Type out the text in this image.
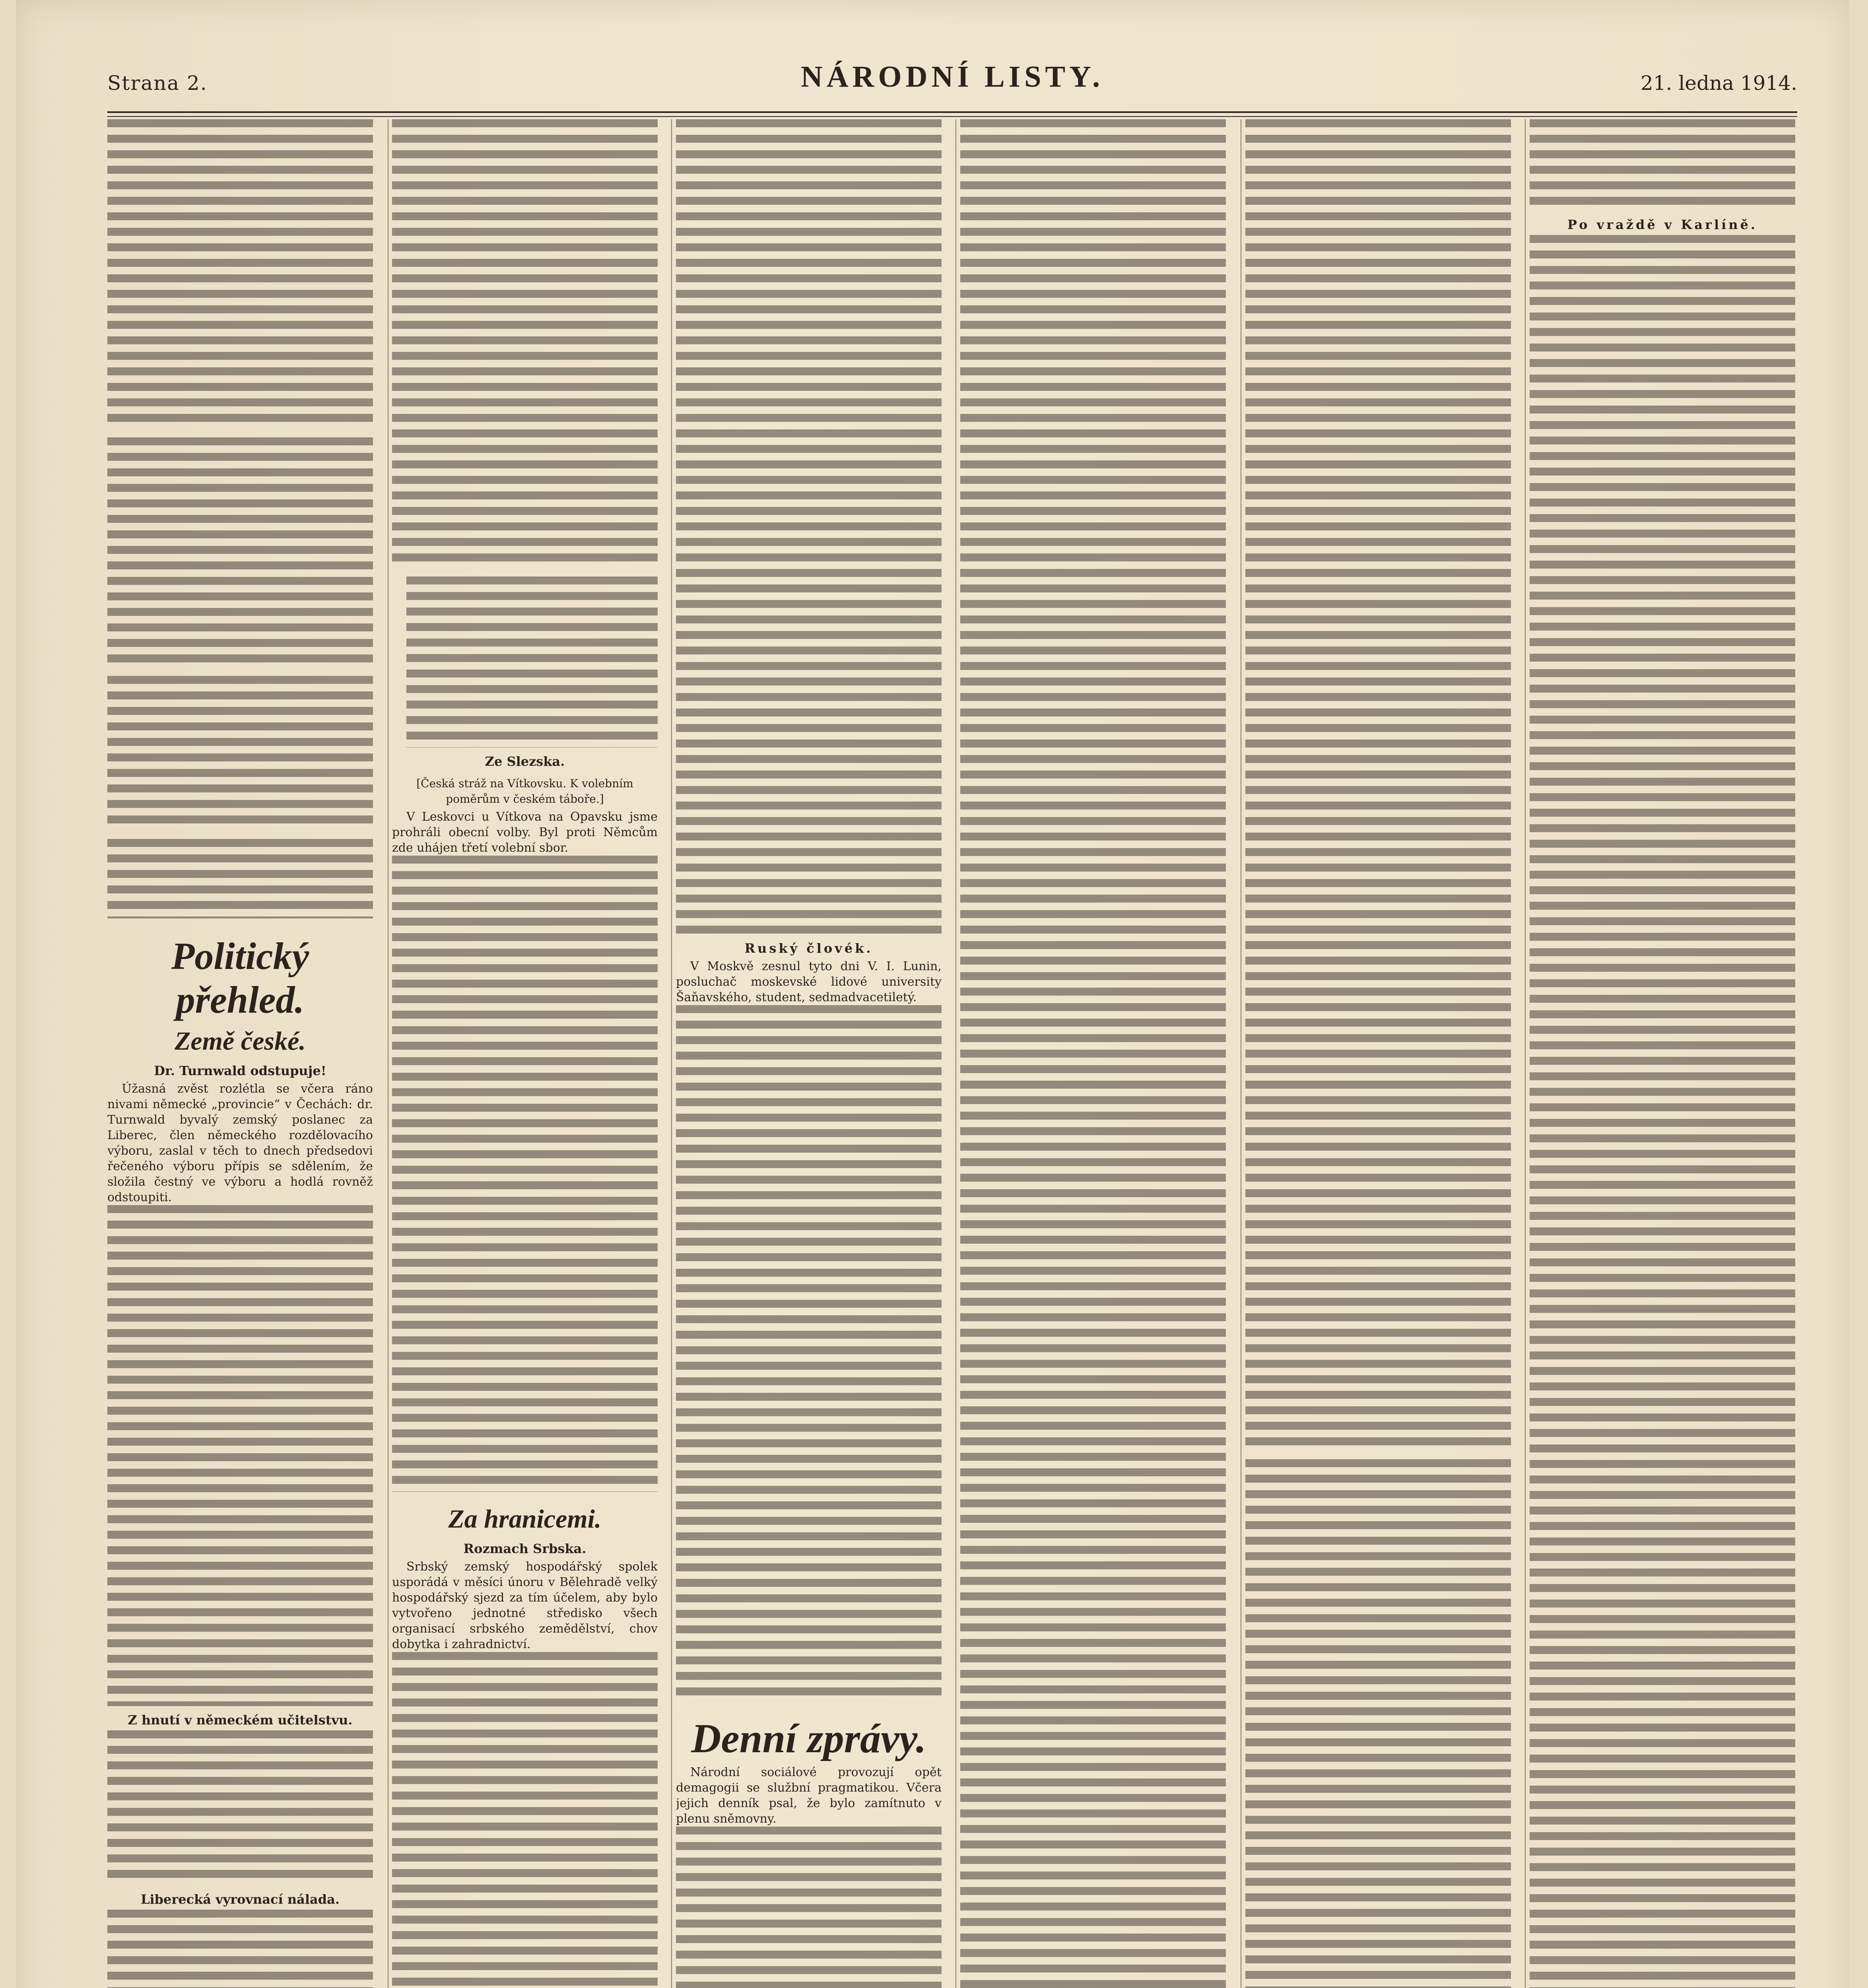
Strana 2.	NÁRODNÍ LISTY.	21. ledna 1914.
Politický přehled.
Země české.
Dr. Turnwald odstupuje!

Úžasná zvěst rozlétla se včera ráno nivami německé „provincie“ v Čechách: dr. Turnwald byvalý zemský poslanec za Liberec, člen německého rozdělovacího výboru, zaslal v těch to dnech předsedovi řečeného výboru přípis se sdělením, že složila čestný ve výboru a hodlá rovněž odstoupiti.

Z hnutí v německém učitelstvu.
Liberecká vyrovnací nálada.
Ze Slezska.
[Česká stráž na Vítkovsku. K volebním poměrům v českém táboře.]

V Leskovci u Vítkova na Opavsku jsme prohráli obecní volby. Byl proti Němcům zde uhájen třetí volební sbor.

Za hranicemi.
Rozmach Srbska.

Srbský zemský hospodářský spolek usporádá v měsíci únoru v Bělehradě velký hospodářský sjezd za tím účelem, aby bylo vytvořeno jednotné středisko všech organisací srbského zemědělství, chov dobytka i zahradnictví.

Ruský človék.

V Moskvě zesnul tyto dni V. I. Lunin, posluchač moskevské lidové university Šaňavského, student, sedmadvacetiletý.

Denní zprávy.

Národní sociálové provozují opět demagogii se službní pragmatikou. Včera jejich denník psal, že bylo zamítnuto v plenu sněmovny.

Po vraždě v Karlíně.
